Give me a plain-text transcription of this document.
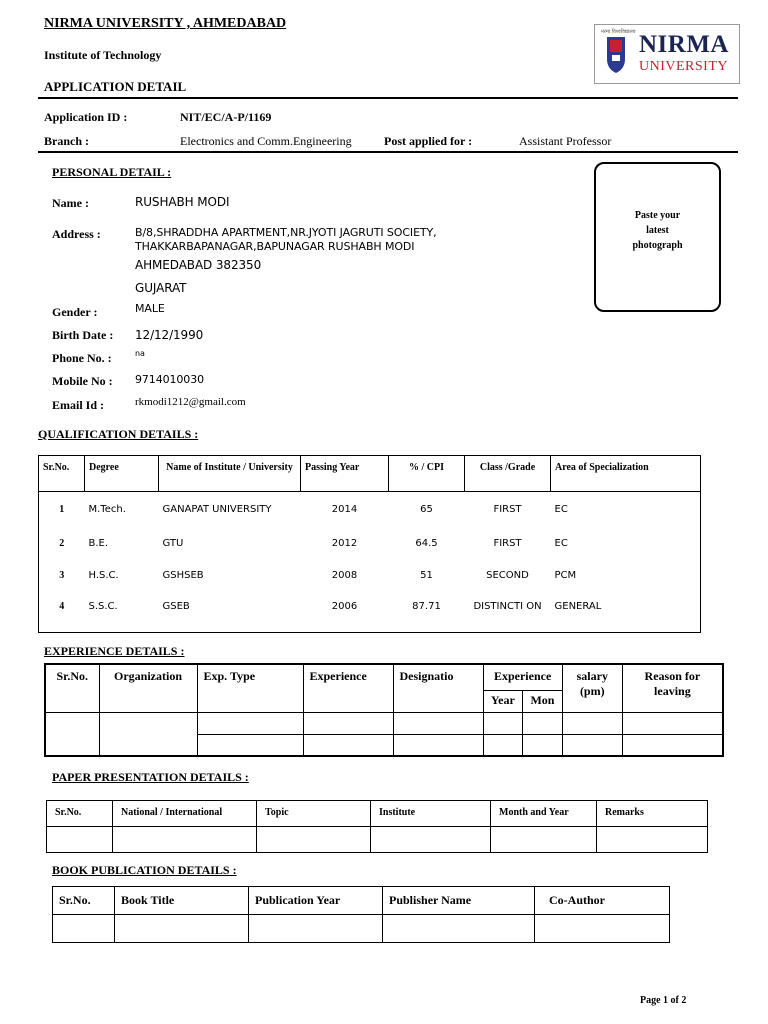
NIRMA UNIVERSITY , AHMEDABAD
Institute of Technology
APPLICATION DETAIL
नरमा विश्वविद्यालय NIRMA
UNIVERSITY
Application ID :	NIT/EC/A-P/1169
Branch :	Electronics and Comm.Engineering	Post applied for :	Assistant Professor
PERSONAL DETAIL :
Name :	RUSHABH MODI
Address :	B/8,SHRADDHA APARTMENT,NR.JYOTI JAGRUTI SOCIETY,
THAKKARBAPANAGAR,BAPUNAGAR RUSHABH MODI
AHMEDABAD 382350
GUJARAT
Gender :	MALE
Birth Date : 12/12/1990
Phone No. :	na
Mobile No : 9714010030
Email Id :	rkmodi1212@gmail.com
Paste your
latest
photograph
QUALIFICATION DETAILS :
Sr.No.	Degree	Name of Institute / University	Passing Year	% / CPI	Class /Grade	Area of Specialization
1	M.Tech.	GANAPAT UNIVERSITY	2014	65	FIRST	EC
2	B.E.	GTU	2012	64.5	FIRST	EC
3	H.S.C.	GSHSEB	2008	51	SECOND	PCM
4	S.S.C.	GSEB	2006	87.71	DISTINCTI ON	GENERAL
EXPERIENCE DETAILS :
Sr.No.	Organization	Exp. Type	Experience	Designatio	Experience		salary (pm)	Reason for leaving
					Year	Mon		

PAPER PRESENTATION DETAILS :
Sr.No.	National / International	Topic	Institute	Month and Year	Remarks

BOOK PUBLICATION DETAILS :
Sr.No.	Book Title	Publication Year	Publisher Name	Co-Author

Page 1 of 2
